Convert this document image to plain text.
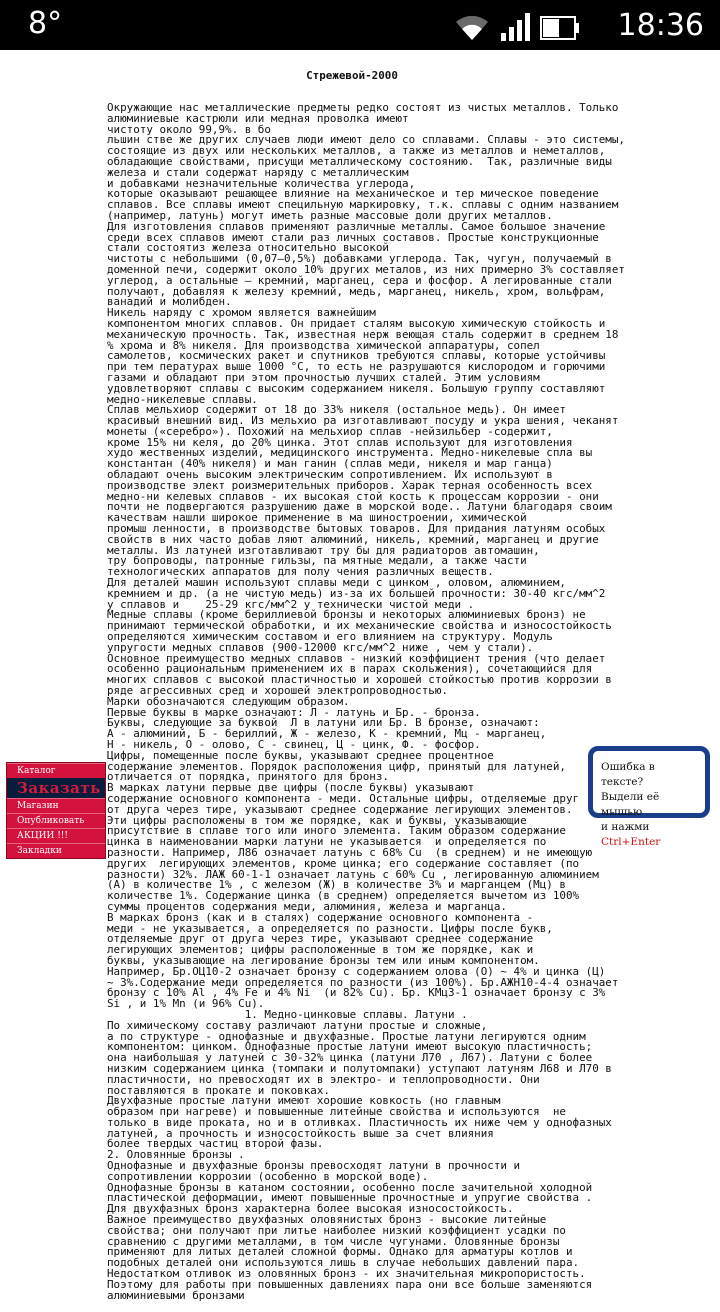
8°	18:36

Стрежевой-2000

Окружающие нас металлические предметы редко состоят из чистых металлов. Только
алюминиевые кастрюли или медная проволка имеют
чистоту около 99,9%. в бо
льшин стве же других случаев люди имеют дело со сплавами. Сплавы - это системы,
состоящие из двух или нескольких металлов, а также из металлов и неметаллов,
обладающие свойствами, присущи металлическому состоянию.  Так, различные виды
железа и стали содержат наряду с металлическим
и добавками незначительные количества углерода,
которые оказывают решающее влияние на механическое и тер мическое поведение
сплавов. Все сплавы имеют специльную маркировку, т.к. сплавы с одним названием
(например, латунь) могут иметь разные массовые доли других металлов.
Для изготовления сплавов применяют различные металлы. Самое большое значение
среди всех сплавов имеют стали раз личных составов. Простые конструкционные
стали состоятиз железа относительно высокой
чистоты с небольшими (0,07–0,5%) добавками углерода. Так, чугун, получаемый в
доменной печи, содержит около 10% других металов, из них примерно 3% составляет
углерод, а остальные — кремний, марганец, сера и фосфор. А легированные стали
получают, добавляя к железу кремний, медь, марганец, никель, хром, вольфрам,
ванадий и молибден.
Никель наряду с хромом является важнейшим
компонентом многих сплавов. Он придает сталям высокую химическую стойкость и
механическую прочность. Так, известная нерж веющая сталь содержит в среднем 18
% хрома и 8% никеля. Для производства химической аппаратуры, сопел
самолетов, космических ракет и спутников требуются сплавы, которые устойчивы
при тем пературах выше 1000 °С, то есть не разрушаются кислородом и горючими
газами и обладают при этом прочностью лучших сталей. Этим условиям
удовлетворяют сплавы с высоким содержанием никеля. Большую группу составляют
медно-никелевые сплавы.
Сплав мельхиор содержит от 18 до 33% никеля (остальное медь). Он имеет
красивый внешний вид. Из мельхио ра изготавливают посуду и укра шения, чеканят
монеты («серебро»). Похожий на мельхиор сплав -нейзильбер -содержит,
кроме 15% ни келя, до 20% цинка. Этот сплав используют для изготовления
худо жественных изделий, медицинского инструмента. Медно-никелевые спла вы
константан (40% никеля) и ман ганин (сплав меди, никеля и мар ганца)
обладают очень высоким электрическим сопротивлением. Их используют в
производстве элект роизмерительных приборов. Харак терная особенность всех
медно-ни келевых сплавов - их высокая стой кость к процессам коррозии - они
почти не подвергаются разрушению даже в морской воде.. Латуни благодаря своим
качествам нашли широкое применение в ма шиностроении, химической
промыш ленности, в производстве бытовых товаров. Для придания латуням особых
свойств в них часто добав ляют алюминий, никель, кремний, марганец и другие
металлы. Из латуней изготавливают тру бы для радиаторов автомашин,
тру бопроводы, патронные гильзы, па мятные медали, а также части
технологических аппаратов для полу чения различных веществ.
Для деталей машин используют сплавы меди с цинком , оловом, алюминием,
кремнием и др. (а не чистую медь) из-за их большей прочности: 30-40 кгс/мм^2
у сплавов и    25-29 кгс/мм^2 у технически чистой меди .
Медные сплавы (кроме бериллиевой бронзы и некоторых алюминиевых бронз) не
принимают термической обработки, и их механические свойства и износостойкость
определяются химическим составом и его влиянием на структуру. Модуль
упругости медных сплавов (900-12000 кгс/мм^2 ниже , чем у стали).
Основное преимущество медных сплавов - низкий коэффициент трения (что делает
особенно рациональным применением их в парах скольжения), сочетающийся для
многих сплавов с высокой пластичностью и хорошей стойкостью против коррозии в
ряде агрессивных сред и хорошей электропроводностью.
Марки обозначаются следующим образом.
Первые буквы в марке означают: Л - латунь и Бр. - бронза.
Буквы, следующие за буквой  Л в латуни или Бр. В бронзе, означают:
А - алюминий, Б - бериллий, Ж - железо, К - кремний, Мц - марганец,
Н - никель, О - олово, С - свинец, Ц - цинк, Ф. - фосфор.
Цифры, помещенные после буквы, указывают среднее процентное
содержание элементов. Порядок расположения цифр, принятый для латуней,
отличается от порядка, принятого для бронз.
В марках латуни первые две цифры (после буквы) указывают
содержание основного компонента - меди. Остальные цифры, отделяемые друг
от друга через тире, указывают среднее содержание легирующих элементов.
Эти цифры расположены в том же порядке, как и буквы, указывающие
присутствие в сплаве того или иного элемента. Таким образом содержание
цинка в наименовании марки латуни не указывается  и определяется по
разности. Например, Л86 означает латунь с 68% Cu  (в среднем) и не имеющую
других  легирующих элементов, кроме цинка; его содержание составляет (по
разности) 32%. ЛАЖ 60-1-1 означает латунь с 60% Cu , легированную алюминием
(А) в количестве 1% , с железом (Ж) в количестве 3% и марганцем (Мц) в
количестве 1%. Содержание цинка (в среднем) определяется вычетом из 100%
суммы процентов содержания меди, алюминия, железа и марганца.
В марках бронз (как и в сталях) содержание основного компонента -
меди - не указывается, а определяется по разности. Цифры после букв,
отделяемые друг от друга через тире, указывают среднее содержание
легирующих элементов; цифры расположенные в том же порядке, как и
буквы, указывающие на легирование бронзы тем или иным компонентом.
Например, Бр.ОЦ10-2 означает бронзу с содержанием олова (О) ~ 4% и цинка (Ц)
~ 3%.Содержание меди определяется по разности (из 100%). Бр.АЖН10-4-4 означает
бронзу с 10% Al , 4% Fe и 4% Ni  (и 82% Cu). Бр. КМц3-1 означает бронзу с 3%
Si , и 1% Mn (и 96% Cu).
1. Медно-цинковые сплавы. Латуни .
По химическому составу различают латуни простые и сложные,
а по структуре - однофазные и двухфазные. Простые латуни легируются одним
компонентом: цинком. Однофазные простые латуни имеют высокую пластичность;
она наибольшая у латуней с 30-32% цинка (латуни Л70 , Л67). Латуни с более
низким содержанием цинка (томпаки и полутомпаки) уступают латуням Л68 и Л70 в
пластичности, но превосходят их в электро- и теплопроводности. Они
поставляются в прокате и поковках.
Двухфазные простые латуни имеют хорошие ковкость (но главным
образом при нагреве) и повышенные литейные свойства и используются  не
только в виде проката, но и в отливках. Пластичность их ниже чем у однофазных
латуней, а прочность и износостойкость выше за счет влияния
более твердых частиц второй фазы.
2. Оловянные бронзы .
Однофазные и двухфазные бронзы превосходят латуни в прочности и
сопротивлении коррозии (особенно в морской воде).
Однофазные бронзы в катаном состоянии, особенно после зачительной холодной
пластической деформации, имеют повышенные прочностные и упругие свойства .
Для двухфазных бронз характерна более высокая износостойкость.
Важное преимущество двухфазных оловянистых бронз - высокие литейные
свойства; они получают при литье наиболее низкий коэффициент усадки по
сравнению с другими металлами, в том числе чугунами. Оловянные бронзы
применяют для литых деталей сложной формы. Однако для арматуры котлов и
подобных деталей они используются лишь в случае небольших давлений пара.
Недостатком отливок из оловянных бронз - их значительная микропористость.
Поэтому для работы при повышенных давлениях пара они все больше заменяются
алюминиевыми бронзами

Каталог
Заказать
Магазин
Опубликовать
АКЦИИ !!!
Закладки
Ошибка в тексте?
Выдели её мышью
и нажми Ctrl+Enter
